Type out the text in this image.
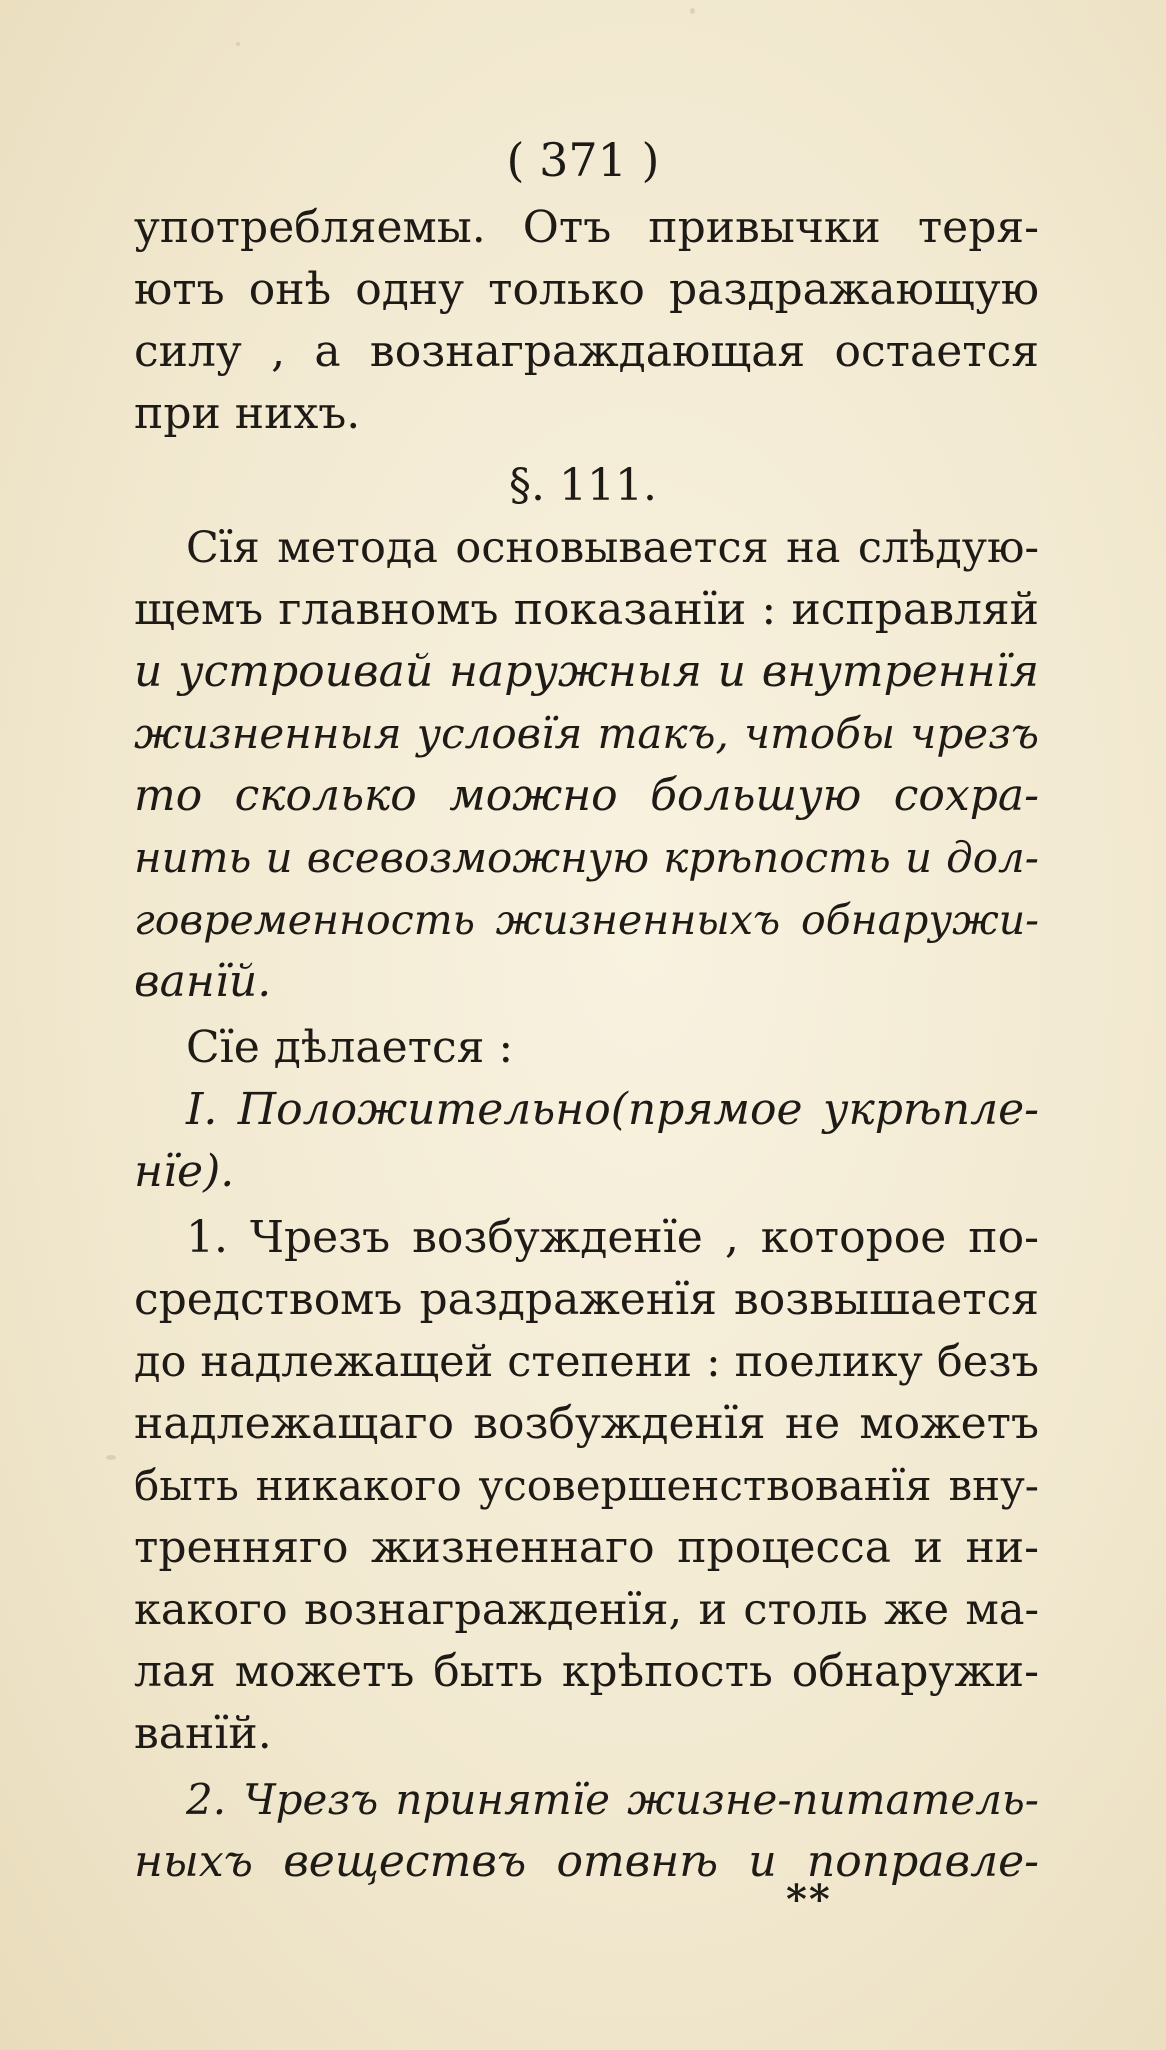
( 371 )
употребляемы. Отъ привычки теря-
ютъ онѣ одну только раздражающую
силу , а вознаграждающая остается
при нихъ.
§. 111.
Сїя метода основывается на слѣдую-
щемъ главномъ показанїи : исправляй
и устроивай наружныя и внутреннїя
жизненныя условїя такъ, чтобы чрезъ
то сколько можно большую сохра-
нить и всевозможную крѣпость и дол-
говременность жизненныхъ обнаружи-
ванїй.
Сїе дѣлается :
I. Положительно(прямое укрѣпле-
нїе).
1. Чрезъ возбужденїе , которое по-
средствомъ раздраженїя возвышается
до надлежащей степени : поелику безъ
надлежащаго возбужденїя не можетъ
быть никакого усовершенствованїя вну-
тренняго жизненнаго процесса и ни-
какого вознагражденїя, и столь же ма-
лая можетъ быть крѣпость обнаружи-
ванїй.
2. Чрезъ принятїе жизне-питатель-
ныхъ веществъ отвнѣ и поправле-
**
